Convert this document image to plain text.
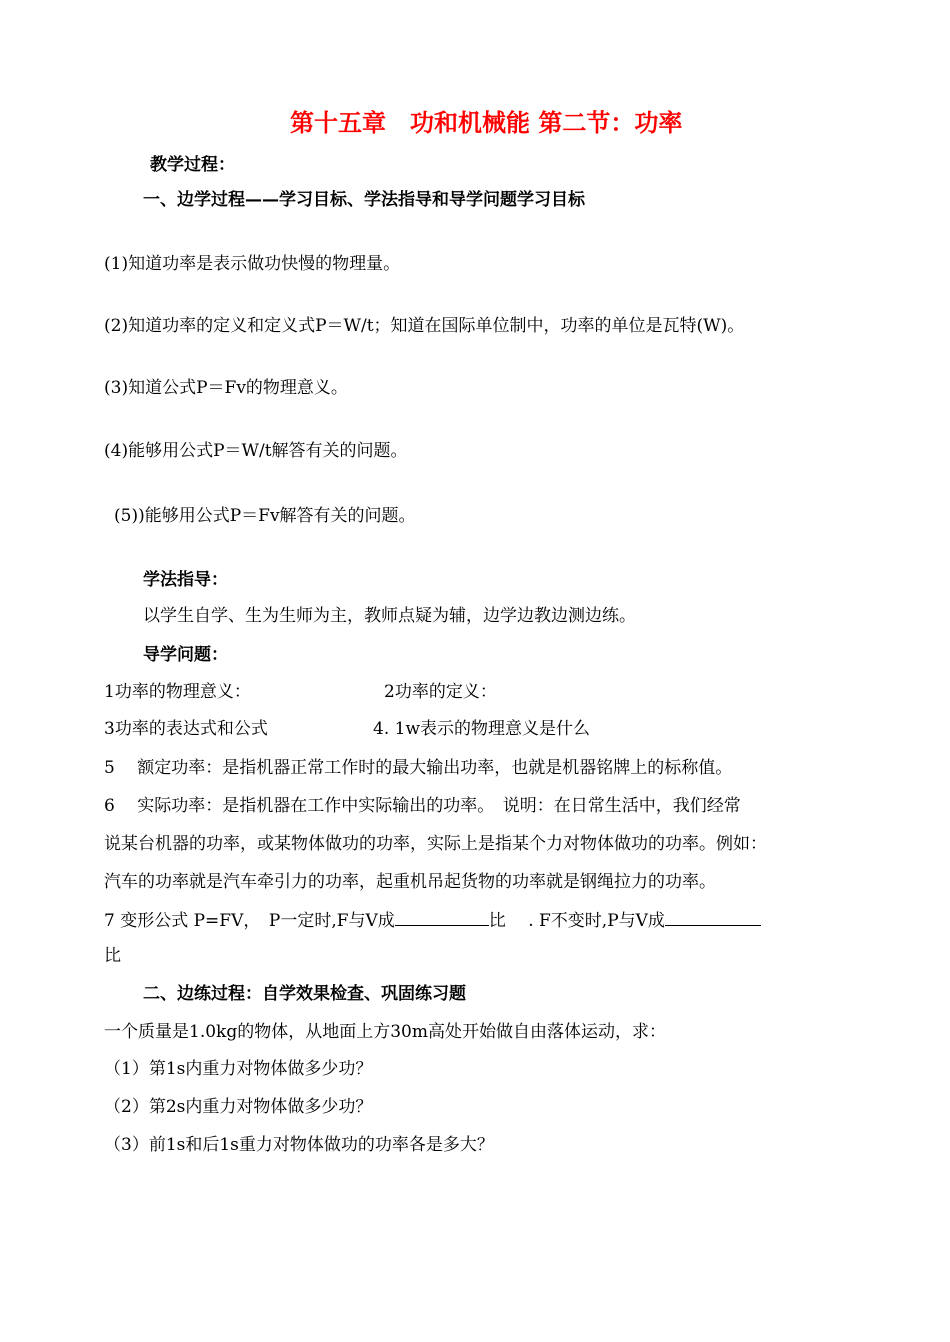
第十五章　功和机械能 第二节：功率
教学过程：
一、边学过程——学习目标、学法指导和导学问题学习目标
(1)知道功率是表示做功快慢的物理量。
(2)知道功率的定义和定义式P＝W/t；知道在国际单位制中，功率的单位是瓦特(W)。
(3)知道公式P＝Fv的物理意义。
(4)能够用公式P＝W/t解答有关的问题。
(5))能够用公式P＝Fv解答有关的问题。
学法指导：
以学生自学、生为生师为主，教师点疑为辅，边学边教边测边练。
导学问题：
1功率的物理意义：	2功率的定义：
3功率的表达式和公式	4. 1w表示的物理意义是什么
5　 额定功率：是指机器正常工作时的最大输出功率，也就是机器铭牌上的标称值。
6　 实际功率：是指机器在工作中实际输出的功率。　说明：在日常生活中，我们经常
说某台机器的功率，或某物体做功的功率，实际上是指某个力对物体做功的功率。例如：
汽车的功率就是汽车牵引力的功率，起重机吊起货物的功率就是钢绳拉力的功率。
7 变形公式 P=FV，　P一定时,F与V成	比　 . F不变时,P与V成
比
二、边练过程：自学效果检查、巩固练习题
一个质量是1.0kg的物体，从地面上方30m高处开始做自由落体运动，求：
（1）第1s内重力对物体做多少功？
（2）第2s内重力对物体做多少功？
（3）前1s和后1s重力对物体做功的功率各是多大？
